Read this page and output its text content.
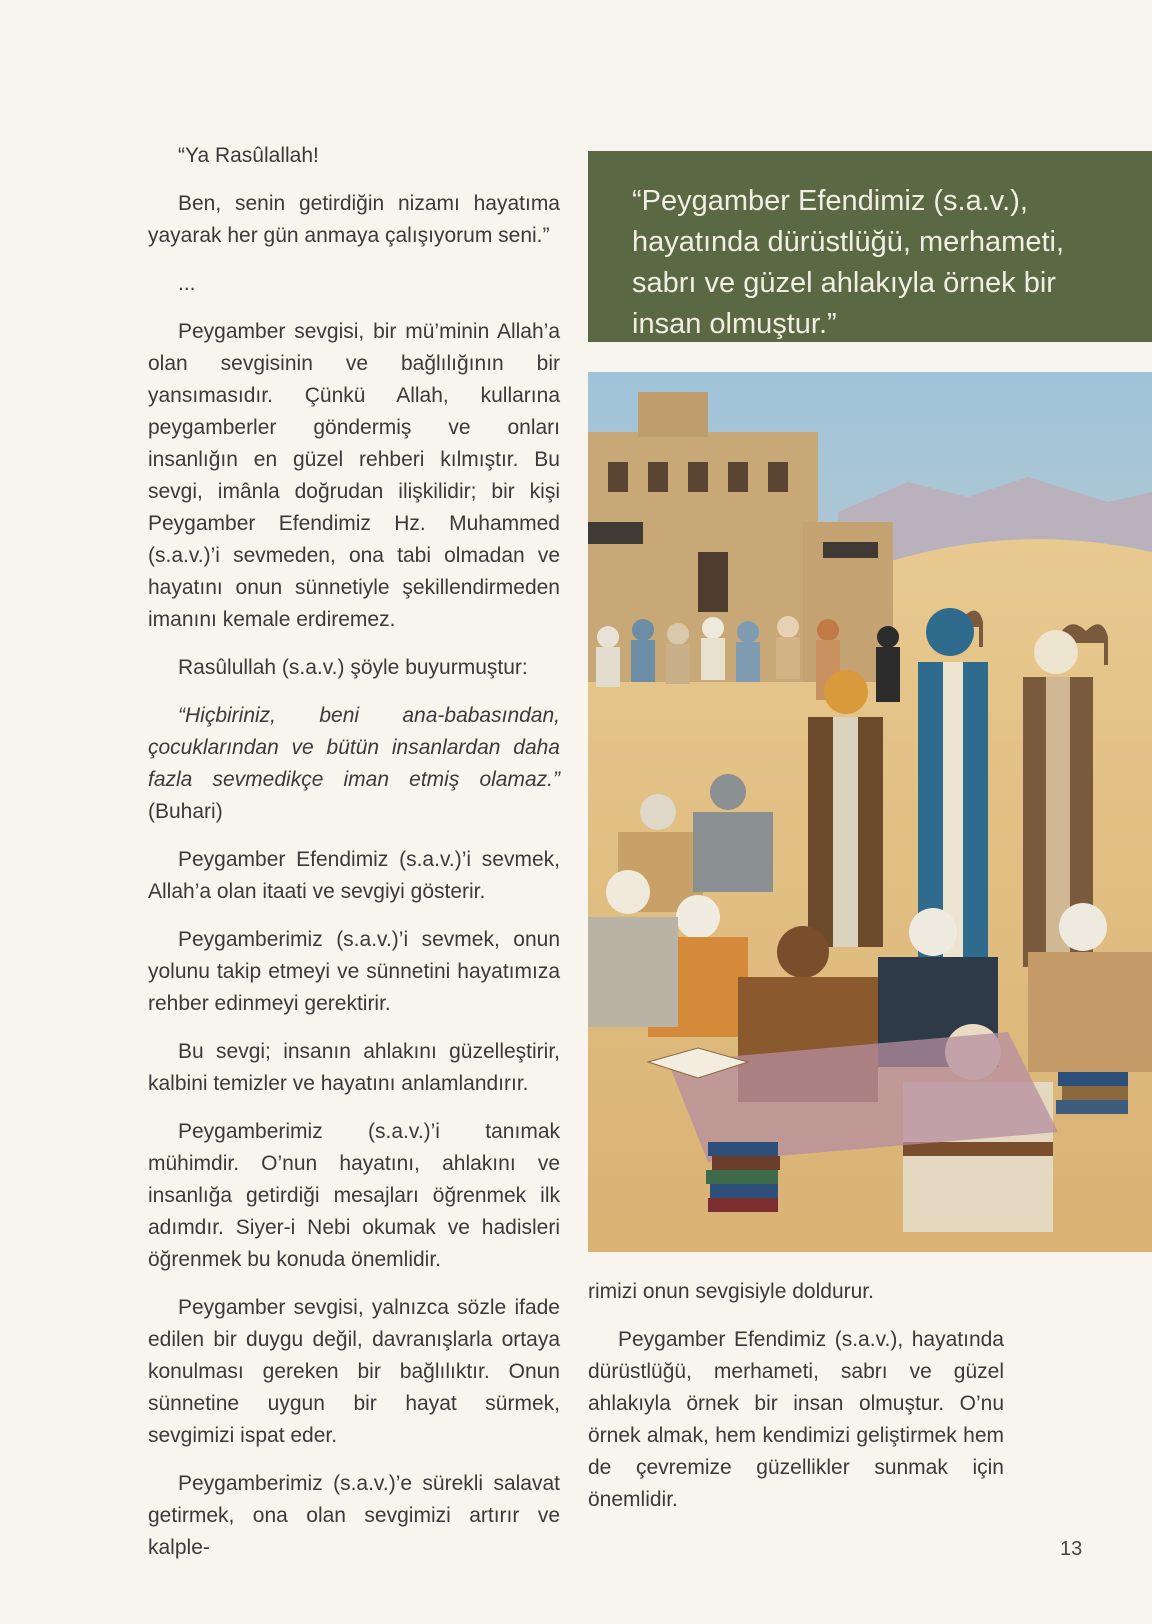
“Ya Rasûlallah!

Ben, senin getirdiğin nizamı hayatıma yayarak her gün anmaya çalışıyorum seni.”

...

Peygamber sevgisi, bir mü’minin Allah’a olan sevgisinin ve bağlılığının bir yansımasıdır. Çünkü Allah, kullarına peygamberler göndermiş ve onları insanlığın en güzel rehberi kılmıştır. Bu sevgi, imânla doğrudan ilişkilidir; bir kişi Peygamber Efendimiz Hz. Muhammed (s.a.v.)’i sevmeden, ona tabi olmadan ve hayatını onun sünnetiyle şekillendirmeden imanını kemale erdiremez.

Rasûlullah (s.a.v.) şöyle buyurmuştur:

“Hiçbiriniz, beni ana-babasından, çocuklarından ve bütün insanlardan daha fazla sevmedikçe iman etmiş olamaz.” (Buhari)

Peygamber Efendimiz (s.a.v.)’i sevmek, Allah’a olan itaati ve sevgiyi gösterir.

Peygamberimiz (s.a.v.)’i sevmek, onun yolunu takip etmeyi ve sünnetini hayatımıza rehber edinmeyi gerektirir.

Bu sevgi; insanın ahlakını güzelleştirir, kalbini temizler ve hayatını anlamlandırır.

Peygamberimiz (s.a.v.)’i tanımak mühimdir. O’nun hayatını, ahlakını ve insanlığa getirdiği mesajları öğrenmek ilk adımdır. Siyer-i Nebi okumak ve hadisleri öğrenmek bu konuda önemlidir.

Peygamber sevgisi, yalnızca sözle ifade edilen bir duygu değil, davranışlarla ortaya konulması gereken bir bağlılıktır. Onun sünnetine uygun bir hayat sürmek, sevgimizi ispat eder.

Peygamberimiz (s.a.v.)’e sürekli salavat getirmek, ona olan sevgimizi artırır ve kalple-

“Peygamber Efendimiz (s.a.v.), hayatında dürüstlüğü, merhameti, sabrı ve güzel ahlakıyla örnek bir insan olmuştur.”

rimizi onun sevgisiyle doldurur.

Peygamber Efendimiz (s.a.v.), hayatında dürüstlüğü, merhameti, sabrı ve güzel ahlakıyla örnek bir insan olmuştur. O’nu örnek almak, hem kendimizi geliştirmek hem de çevremize güzellikler sunmak için önemlidir.

13
